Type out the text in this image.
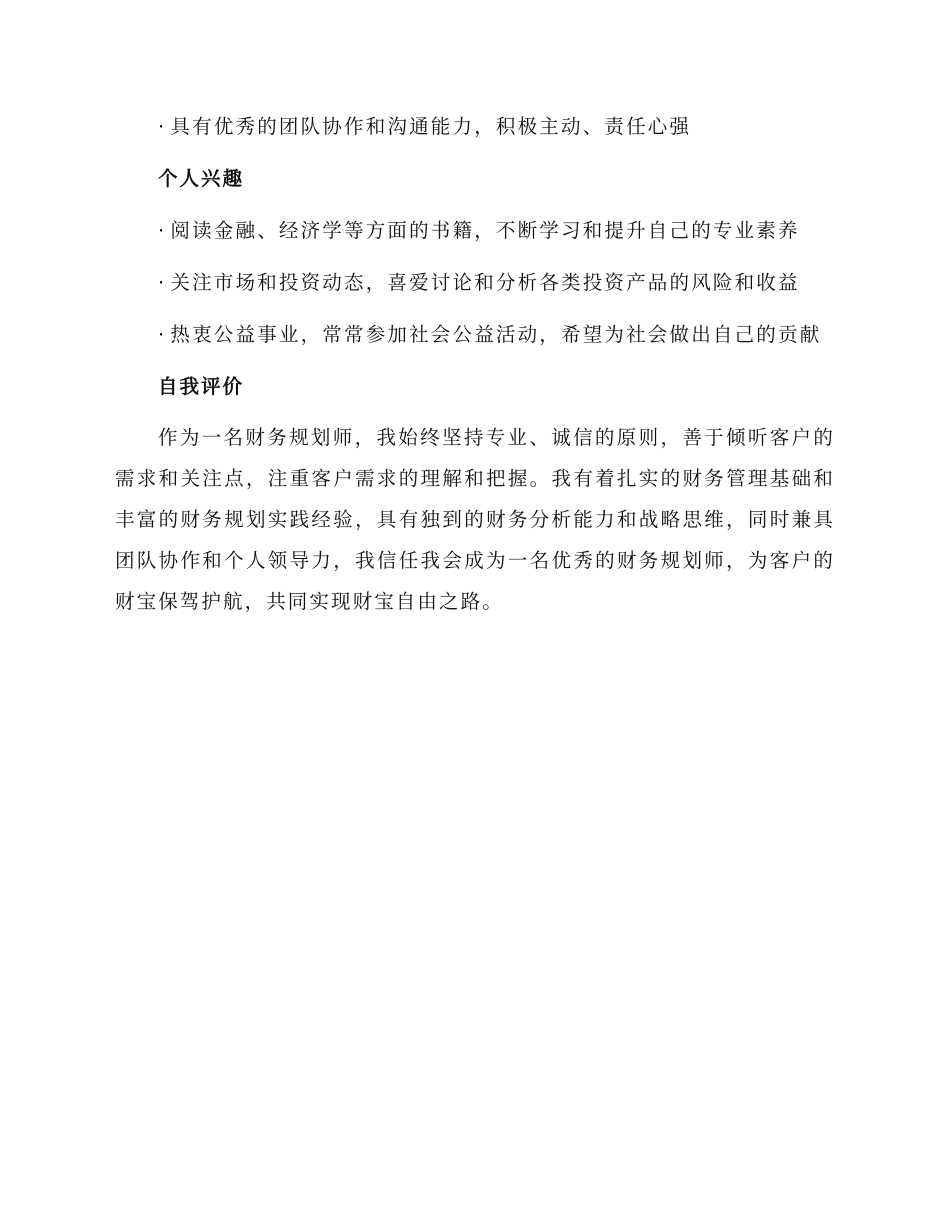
· 具有优秀的团队协作和沟通能力，积极主动、责任心强
个人兴趣
· 阅读金融、经济学等方面的书籍，不断学习和提升自己的专业素养
· 关注市场和投资动态，喜爱讨论和分析各类投资产品的风险和收益
· 热衷公益事业，常常参加社会公益活动，希望为社会做出自己的贡献
自我评价
作为一名财务规划师，我始终坚持专业、诚信的原则，善于倾听客户的需求和关注点，注重客户需求的理解和把握。我有着扎实的财务管理基础和丰富的财务规划实践经验，具有独到的财务分析能力和战略思维，同时兼具团队协作和个人领导力，我信任我会成为一名优秀的财务规划师，为客户的财宝保驾护航，共同实现财宝自由之路。
